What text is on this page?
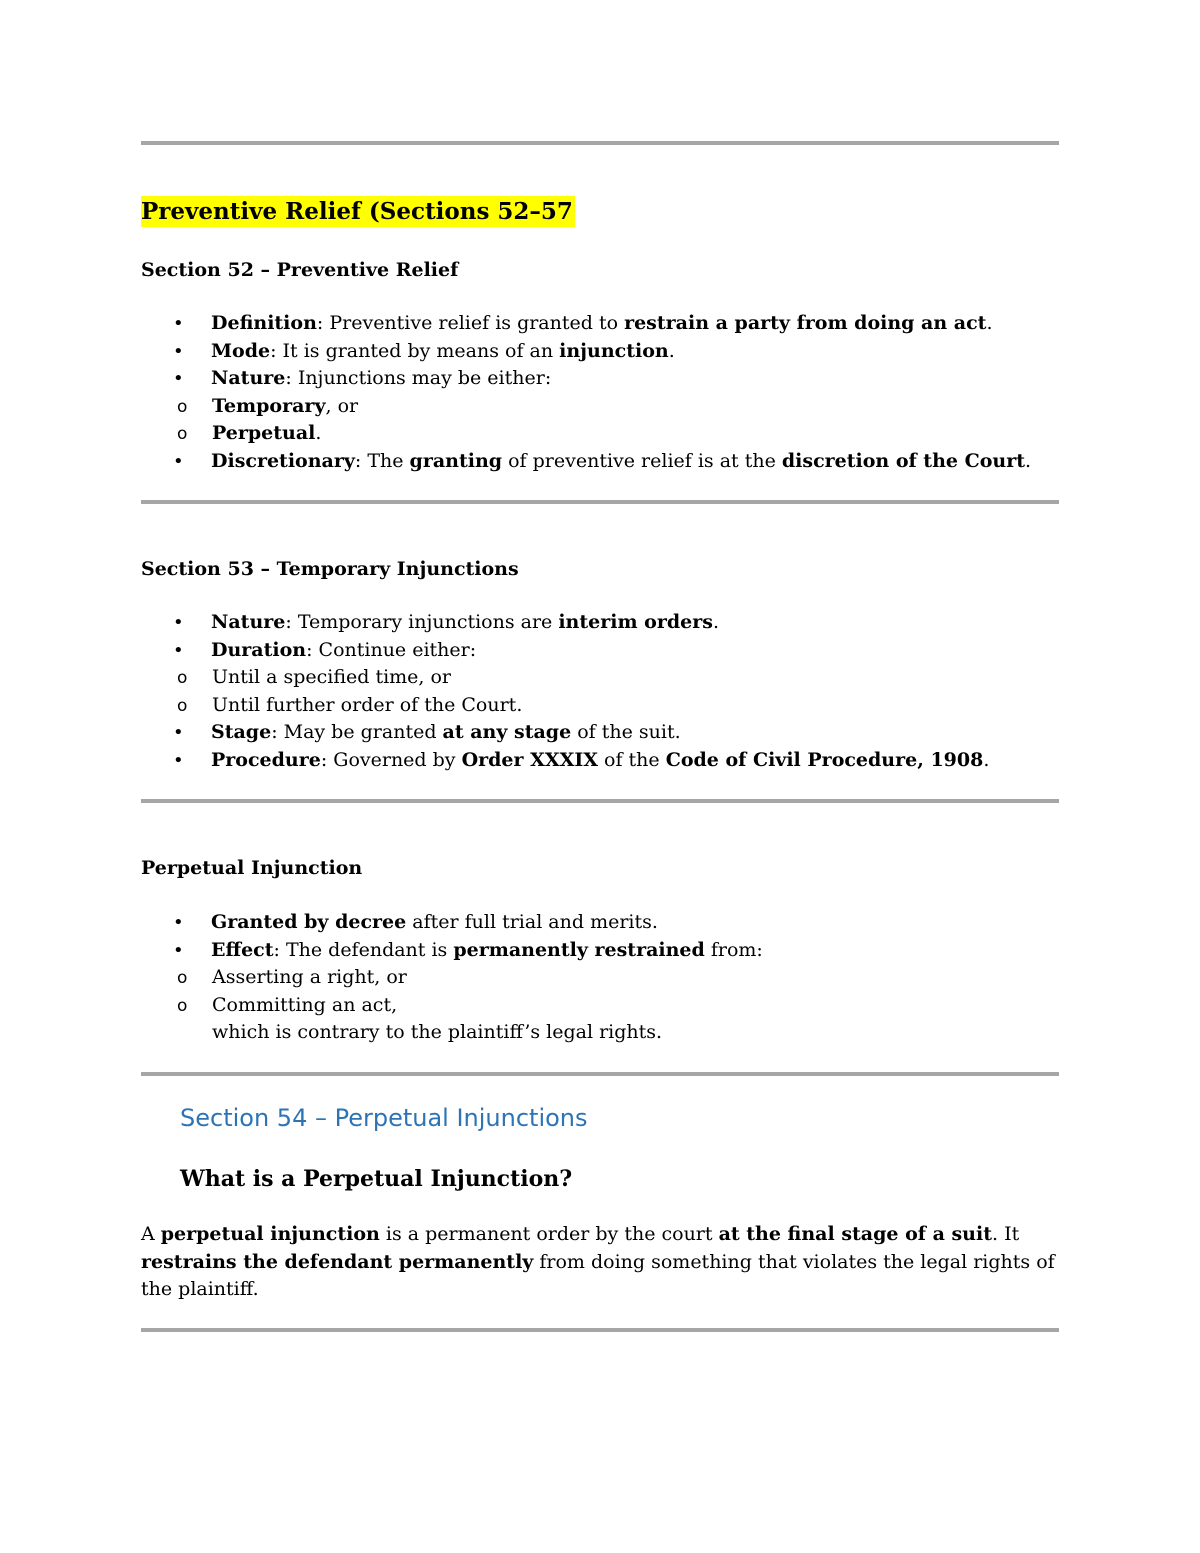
Preventive Relief (Sections 52–57
Section 52 – Preventive Relief
• Definition: Preventive relief is granted to restrain a party from doing an act.
• Mode: It is granted by means of an injunction.
• Nature: Injunctions may be either:
o Temporary, or
o Perpetual.
• Discretionary: The granting of preventive relief is at the discretion of the Court.
Section 53 – Temporary Injunctions
• Nature: Temporary injunctions are interim orders.
• Duration: Continue either:
o Until a specified time, or
o Until further order of the Court.
• Stage: May be granted at any stage of the suit.
• Procedure: Governed by Order XXXIX of the Code of Civil Procedure, 1908.
Perpetual Injunction
• Granted by decree after full trial and merits.
• Effect: The defendant is permanently restrained from:
o Asserting a right, or
o Committing an act,
which is contrary to the plaintiff’s legal rights.
Section 54 – Perpetual Injunctions
What is a Perpetual Injunction?

A perpetual injunction is a permanent order by the court at the final stage of a suit. It restrains the defendant permanently from doing something that violates the legal rights of the plaintiff.
